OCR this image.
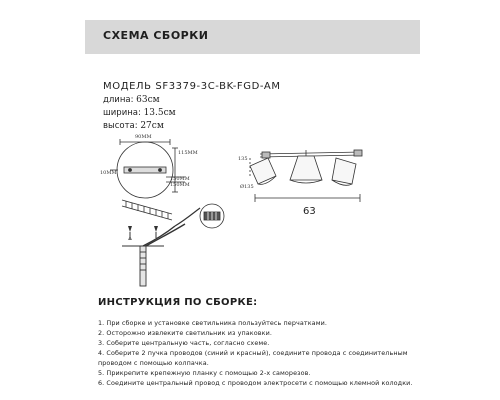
СХЕМА СБОРКИ
МОДЕЛЬ SF3379-3C-BK-FGD-AM
длина: 63см
ширина: 13.5см
высота: 27см
90ММ
115ММ
10ММ
150ММ
150ММ
135
Ø135
63
ИНСТРУКЦИЯ ПО СБОРКЕ:
1. При сборке и установке светильника пользуйтесь перчатками.
2. Осторожно извлеките светильник из упаковки.
3. Соберите центральную часть, согласно схеме.
4. Соберите 2 пучка проводов (синий и красный), соедините провода с соединительным
проводом с помощью колпачка.
5. Прикрепите крепежную планку с помощью 2-х саморезов.
6. Соедините центральный провод с проводом электросети с помощью клемной колодки.
